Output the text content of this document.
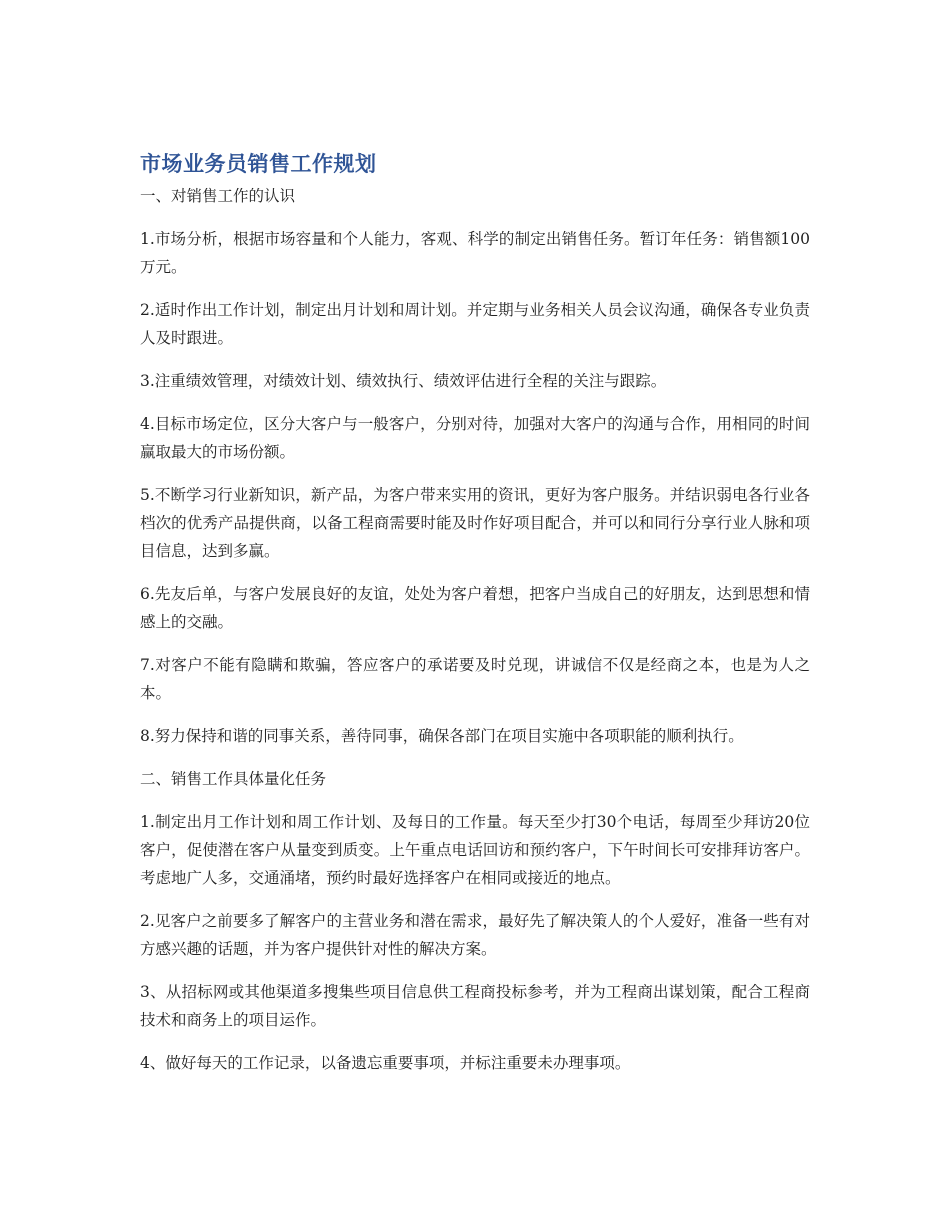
市场业务员销售工作规划
一、对销售工作的认识

1.市场分析，根据市场容量和个人能力，客观、科学的制定出销售任务。暂订年任务：销售额100万元。

2.适时作出工作计划，制定出月计划和周计划。并定期与业务相关人员会议沟通，确保各专业负责人及时跟进。

3.注重绩效管理，对绩效计划、绩效执行、绩效评估进行全程的关注与跟踪。

4.目标市场定位，区分大客户与一般客户，分别对待，加强对大客户的沟通与合作，用相同的时间赢取最大的市场份额。

5.不断学习行业新知识，新产品，为客户带来实用的资讯，更好为客户服务。并结识弱电各行业各档次的优秀产品提供商，以备工程商需要时能及时作好项目配合，并可以和同行分享行业人脉和项目信息，达到多赢。

6.先友后单，与客户发展良好的友谊，处处为客户着想，把客户当成自己的好朋友，达到思想和情感上的交融。

7.对客户不能有隐瞒和欺骗，答应客户的承诺要及时兑现，讲诚信不仅是经商之本，也是为人之本。

8.努力保持和谐的同事关系，善待同事，确保各部门在项目实施中各项职能的顺利执行。

二、销售工作具体量化任务

1.制定出月工作计划和周工作计划、及每日的工作量。每天至少打30个电话，每周至少拜访20位客户，促使潜在客户从量变到质变。上午重点电话回访和预约客户，下午时间长可安排拜访客户。考虑地广人多，交通涌堵，预约时最好选择客户在相同或接近的地点。

2.见客户之前要多了解客户的主营业务和潜在需求，最好先了解决策人的个人爱好，准备一些有对方感兴趣的话题，并为客户提供针对性的解决方案。

3、从招标网或其他渠道多搜集些项目信息供工程商投标参考，并为工程商出谋划策，配合工程商技术和商务上的项目运作。

4、做好每天的工作记录，以备遗忘重要事项，并标注重要未办理事项。
